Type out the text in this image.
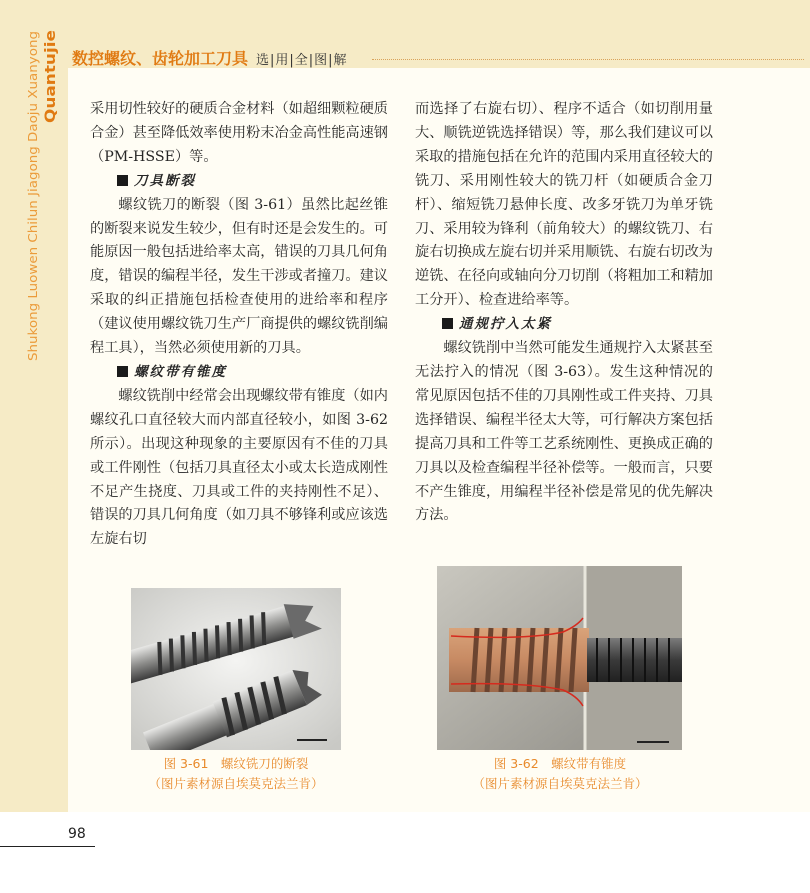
Shukong Luowen Chilun Jiagong Daoju Xuanyong Quantujie 数控螺纹、齿轮加工刀具 选|用|全|图|解

采用切性较好的硬质合金材料（如超细颗粒硬质合金）甚至降低效率使用粉末冶金高性能高速钢（PM-HSSE）等。

刀具断裂

螺纹铣刀的断裂（图 3-61）虽然比起丝锥的断裂来说发生较少，但有时还是会发生的。可能原因一般包括进给率太高，错误的刀具几何角度，错误的编程半径，发生干涉或者撞刀。建议采取的纠正措施包括检查使用的进给率和程序（建议使用螺纹铣刀生产厂商提供的螺纹铣削编程工具），当然必须使用新的刀具。

螺纹带有锥度

螺纹铣削中经常会出现螺纹带有锥度（如内螺纹孔口直径较大而内部直径较小，如图 3-62 所示）。出现这种现象的主要原因有不佳的刀具或工件刚性（包括刀具直径太小或太长造成刚性不足产生挠度、刀具或工件的夹持刚性不足）、错误的刀具几何角度（如刀具不够锋利或应该选左旋右切

而选择了右旋右切）、程序不适合（如切削用量大、顺铣逆铣选择错误）等，那么我们建议可以采取的措施包括在允许的范围内采用直径较大的铣刀、采用刚性较大的铣刀杆（如硬质合金刀杆）、缩短铣刀悬伸长度、改多牙铣刀为单牙铣刀、采用较为锋利（前角较大）的螺纹铣刀、右旋右切换成左旋右切并采用顺铣、右旋右切改为逆铣、在径向或轴向分刀切削（将粗加工和精加工分开）、检查进给率等。

通规拧入太紧

螺纹铣削中当然可能发生通规拧入太紧甚至无法拧入的情况（图 3-63）。发生这种情况的常见原因包括不佳的刀具刚性或工件夹持、刀具选择错误、编程半径太大等，可行解决方案包括提高刀具和工件等工艺系统刚性、更换成正确的刀具以及检查编程半径补偿等。一般而言，只要不产生锥度，用编程半径补偿是常见的优先解决方法。

图 3-61　螺纹铣刀的断裂
（图片素材源自埃莫克法兰肯）
图 3-62　螺纹带有锥度
（图片素材源自埃莫克法兰肯）
98
